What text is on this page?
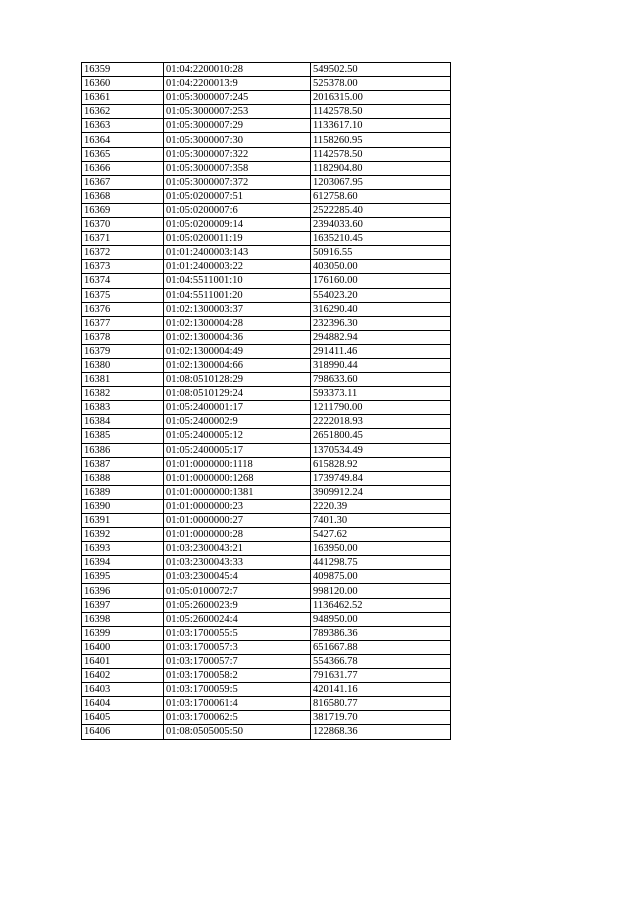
16359	01:04:2200010:28	549502.50
16360	01:04:2200013:9	525378.00
16361	01:05:3000007:245	2016315.00
16362	01:05:3000007:253	1142578.50
16363	01:05:3000007:29	1133617.10
16364	01:05:3000007:30	1158260.95
16365	01:05:3000007:322	1142578.50
16366	01:05:3000007:358	1182904.80
16367	01:05:3000007:372	1203067.95
16368	01:05:0200007:51	612758.60
16369	01:05:0200007:6	2522285.40
16370	01:05:0200009:14	2394033.60
16371	01:05:0200011:19	1635210.45
16372	01:01:2400003:143	50916.55
16373	01:01:2400003:22	403050.00
16374	01:04:5511001:10	176160.00
16375	01:04:5511001:20	554023.20
16376	01:02:1300003:37	316290.40
16377	01:02:1300004:28	232396.30
16378	01:02:1300004:36	294882.94
16379	01:02:1300004:49	291411.46
16380	01:02:1300004:66	318990.44
16381	01:08:0510128:29	798633.60
16382	01:08:0510129:24	593373.11
16383	01:05:2400001:17	1211790.00
16384	01:05:2400002:9	2222018.93
16385	01:05:2400005:12	2651800.45
16386	01:05:2400005:17	1370534.49
16387	01:01:0000000:1118	615828.92
16388	01:01:0000000:1268	1739749.84
16389	01:01:0000000:1381	3909912.24
16390	01:01:0000000:23	2220.39
16391	01:01:0000000:27	7401.30
16392	01:01:0000000:28	5427.62
16393	01:03:2300043:21	163950.00
16394	01:03:2300043:33	441298.75
16395	01:03:2300045:4	409875.00
16396	01:05:0100072:7	998120.00
16397	01:05:2600023:9	1136462.52
16398	01:05:2600024:4	948950.00
16399	01:03:1700055:5	789386.36
16400	01:03:1700057:3	651667.88
16401	01:03:1700057:7	554366.78
16402	01:03:1700058:2	791631.77
16403	01:03:1700059:5	420141.16
16404	01:03:1700061:4	816580.77
16405	01:03:1700062:5	381719.70
16406	01:08:0505005:50	122868.36
